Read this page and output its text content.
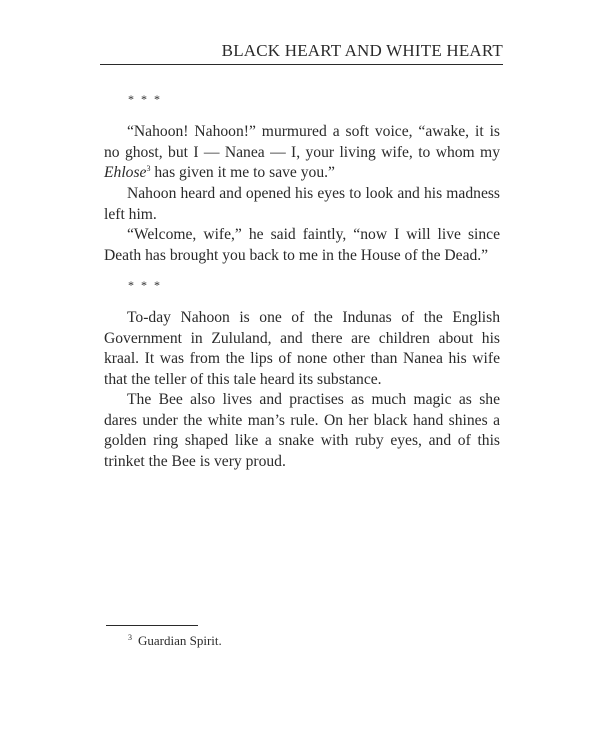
BLACK HEART AND WHITE HEART
* * *

“Nahoon! Nahoon!” murmured a soft voice, “awake, it is no ghost, but I — Nanea — I, your living wife, to whom my Ehlose$^3$ has given it me to save you.”

Nahoon heard and opened his eyes to look and his madness left him.

“Welcome, wife,” he said faintly, “now I will live since Death has brought you back to me in the House of the Dead.”

* * *

To-day Nahoon is one of the Indunas of the English Government in Zululand, and there are children about his kraal. It was from the lips of none other than Nanea his wife that the teller of this tale heard its substance.

The Bee also lives and practises as much magic as she dares under the white man’s rule. On her black hand shines a golden ring shaped like a snake with ruby eyes, and of this trinket the Bee is very proud.

$^3$ Guardian Spirit.
